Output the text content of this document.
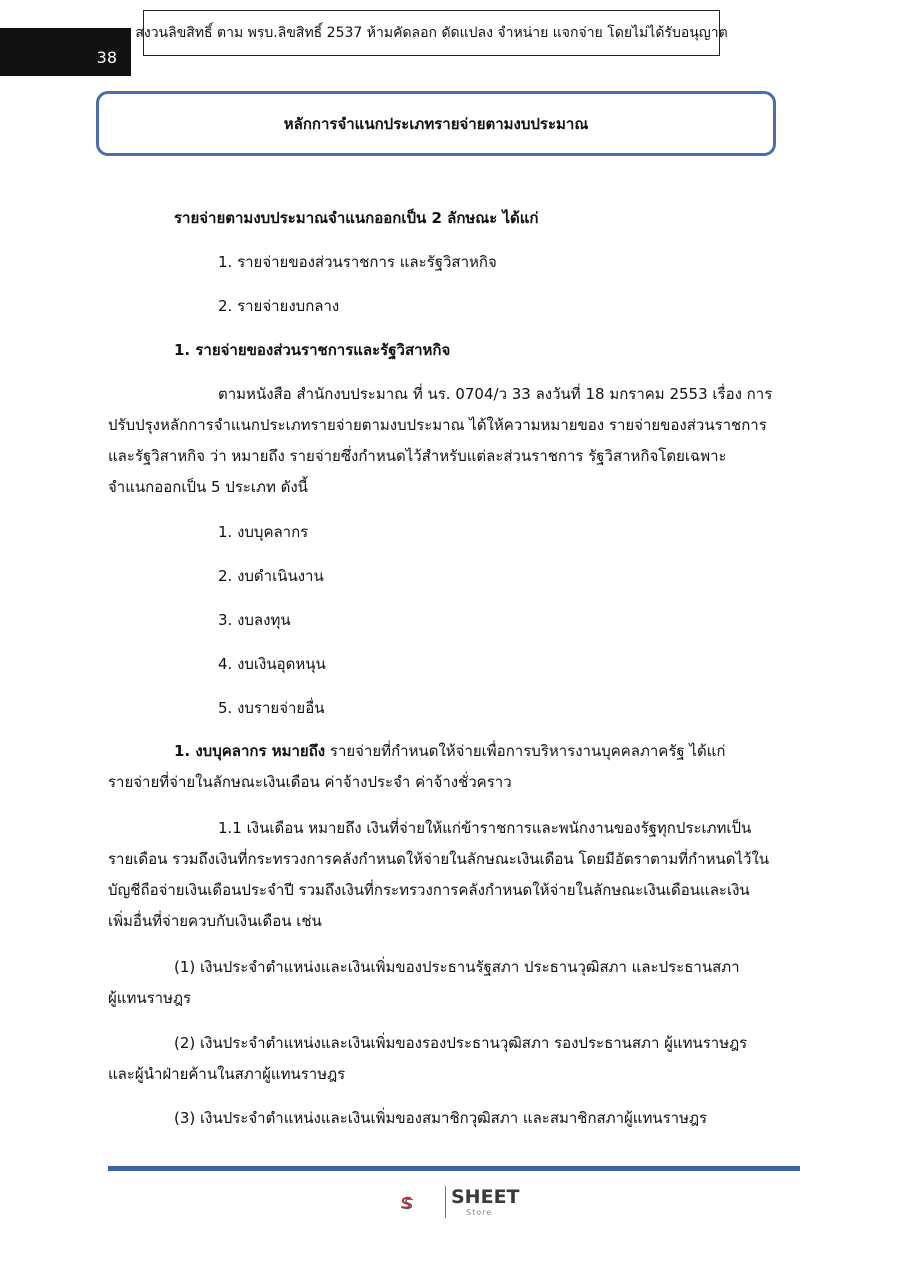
38
สงวนลิขสิทธิ์ ตาม พรบ.ลิขสิทธิ์ 2537 ห้ามคัดลอก ดัดแปลง จำหน่าย แจกจ่าย โดยไม่ได้รับอนุญาต
หลักการจำแนกประเภทรายจ่ายตามงบประมาณ
รายจ่ายตามงบประมาณจำแนกออกเป็น 2 ลักษณะ ได้แก่
1. รายจ่ายของส่วนราชการ และรัฐวิสาหกิจ
2. รายจ่ายงบกลาง
1. รายจ่ายของส่วนราชการและรัฐวิสาหกิจ
ตามหนังสือ สำนักงบประมาณ ที่ นร. 0704/ว 33 ลงวันที่ 18 มกราคม 2553 เรื่อง การ
ปรับปรุงหลักการจำแนกประเภทรายจ่ายตามงบประมาณ ได้ให้ความหมายของ รายจ่ายของส่วนราชการ
และรัฐวิสาหกิจ ว่า หมายถึง รายจ่ายซึ่งกำหนดไว้สำหรับแต่ละส่วนราชการ รัฐวิสาหกิจโดยเฉพาะ
จำแนกออกเป็น 5 ประเภท ดังนี้
1. งบบุคลากร
2. งบดำเนินงาน
3. งบลงทุน
4. งบเงินอุดหนุน
5. งบรายจ่ายอื่น
1. งบบุคลากร หมายถึง รายจ่ายที่กำหนดให้จ่ายเพื่อการบริหารงานบุคคลภาครัฐ ได้แก่
รายจ่ายที่จ่ายในลักษณะเงินเดือน ค่าจ้างประจำ ค่าจ้างชั่วคราว
1.1 เงินเดือน หมายถึง เงินที่จ่ายให้แก่ข้าราชการและพนักงานของรัฐทุกประเภทเป็น
รายเดือน รวมถึงเงินที่กระทรวงการคลังกำหนดให้จ่ายในลักษณะเงินเดือน โดยมีอัตราตามที่กำหนดไว้ใน
บัญชีถือจ่ายเงินเดือนประจำปี รวมถึงเงินที่กระทรวงการคลังกำหนดให้จ่ายในลักษณะเงินเดือนและเงิน
เพิ่มอื่นที่จ่ายควบกับเงินเดือน เช่น
(1) เงินประจำตำแหน่งและเงินเพิ่มของประธานรัฐสภา ประธานวุฒิสภา และประธานสภา
ผู้แทนราษฎร
(2) เงินประจำตำแหน่งและเงินเพิ่มของรองประธานวุฒิสภา รองประธานสภา ผู้แทนราษฎร
และผู้นำฝ่ายค้านในสภาผู้แทนราษฎร
(3) เงินประจำตำแหน่งและเงินเพิ่มของสมาชิกวุฒิสภา และสมาชิกสภาผู้แทนราษฎร
SHEET
Store
